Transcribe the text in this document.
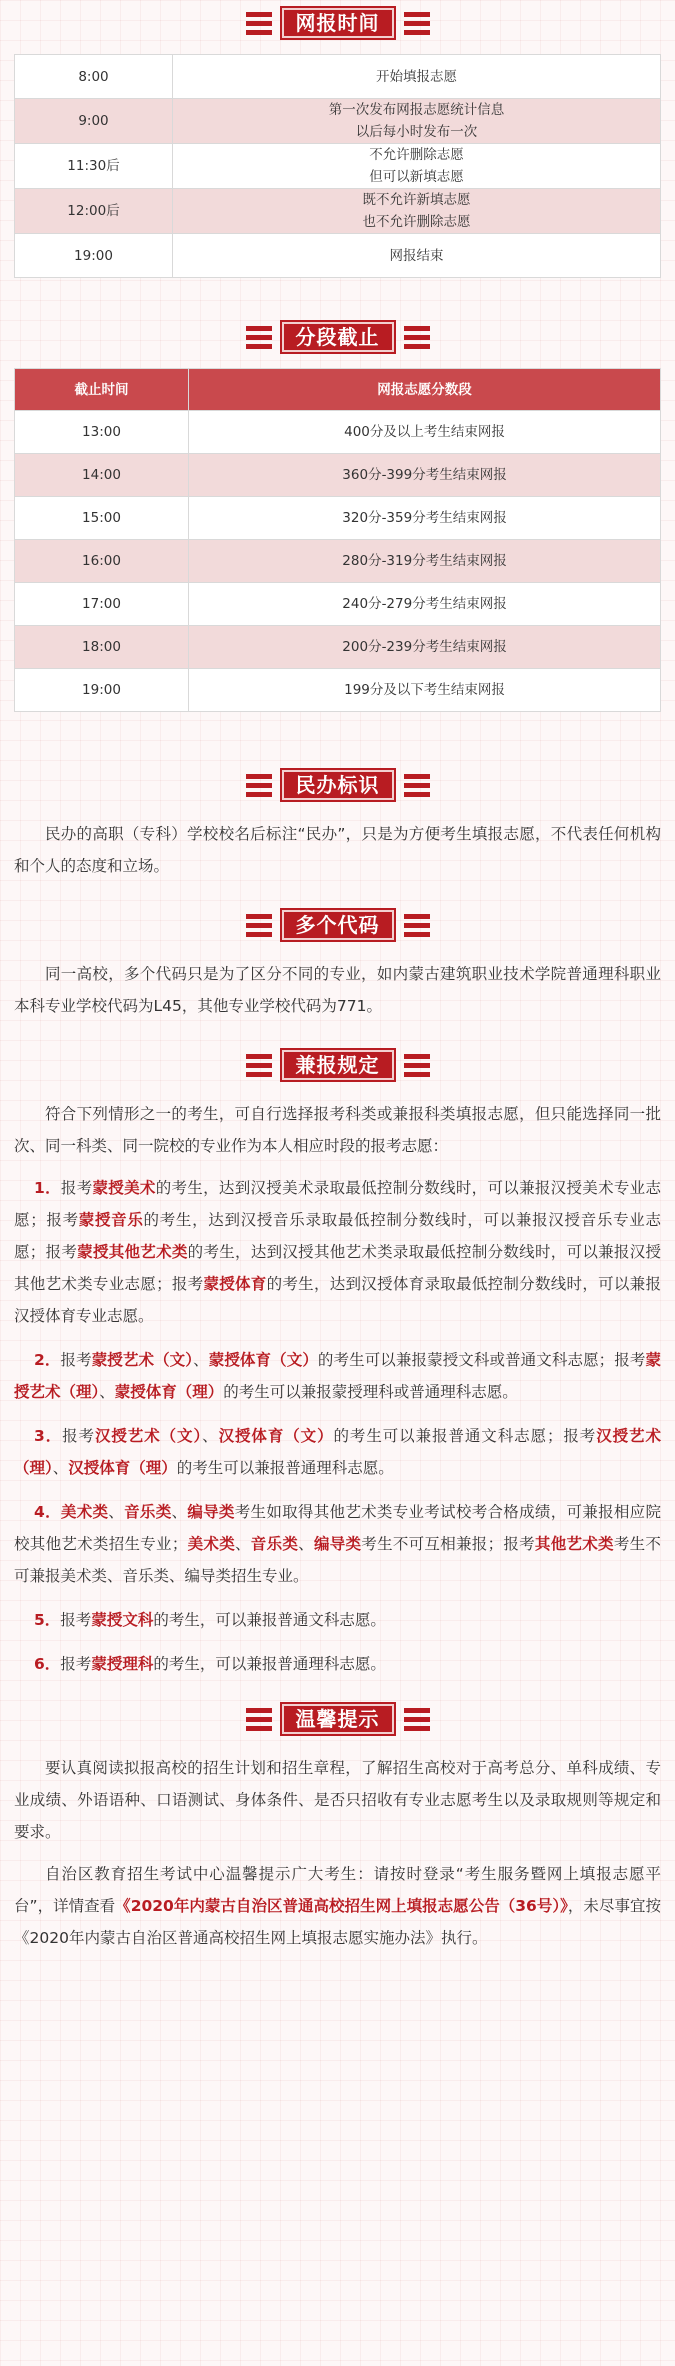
网报时间
8:00	开始填报志愿

9:00	第一次发布网报志愿统计信息
以后每小时发布一次

11:30后	不允许删除志愿
但可以新填志愿

12:00后	既不允许新填志愿
也不允许删除志愿

19:00	网报结束
分段截止
截止时间	网报志愿分数段
13:00	400分及以上考生结束网报
14:00	360分-399分考生结束网报
15:00	320分-359分考生结束网报
16:00	280分-319分考生结束网报
17:00	240分-279分考生结束网报
18:00	200分-239分考生结束网报
19:00	199分及以下考生结束网报
民办标识

民办的高职（专科）学校校名后标注“民办”，只是为方便考生填报志愿，不代表任何机构和个人的态度和立场。

多个代码

同一高校，多个代码只是为了区分不同的专业，如内蒙古建筑职业技术学院普通理科职业本科专业学校代码为L45，其他专业学校代码为771。

兼报规定

符合下列情形之一的考生，可自行选择报考科类或兼报科类填报志愿，但只能选择同一批次、同一科类、同一院校的专业作为本人相应时段的报考志愿：

1．报考蒙授美术的考生，达到汉授美术录取最低控制分数线时，可以兼报汉授美术专业志愿；报考蒙授音乐的考生，达到汉授音乐录取最低控制分数线时，可以兼报汉授音乐专业志愿；报考蒙授其他艺术类的考生，达到汉授其他艺术类录取最低控制分数线时，可以兼报汉授其他艺术类专业志愿；报考蒙授体育的考生，达到汉授体育录取最低控制分数线时，可以兼报汉授体育专业志愿。

2．报考蒙授艺术（文）、蒙授体育（文）的考生可以兼报蒙授文科或普通文科志愿；报考蒙授艺术（理）、蒙授体育（理）的考生可以兼报蒙授理科或普通理科志愿。

3．报考汉授艺术（文）、汉授体育（文）的考生可以兼报普通文科志愿；报考汉授艺术（理）、汉授体育（理）的考生可以兼报普通理科志愿。

4．美术类、音乐类、编导类考生如取得其他艺术类专业考试校考合格成绩，可兼报相应院校其他艺术类招生专业；美术类、音乐类、编导类考生不可互相兼报；报考其他艺术类考生不可兼报美术类、音乐类、编导类招生专业。

5．报考蒙授文科的考生，可以兼报普通文科志愿。

6．报考蒙授理科的考生，可以兼报普通理科志愿。

温馨提示

要认真阅读拟报高校的招生计划和招生章程，了解招生高校对于高考总分、单科成绩、专业成绩、外语语种、口语测试、身体条件、是否只招收有专业志愿考生以及录取规则等规定和要求。

自治区教育招生考试中心温馨提示广大考生：请按时登录“考生服务暨网上填报志愿平台”，详情查看《2020年内蒙古自治区普通高校招生网上填报志愿公告（36号）》，未尽事宜按《2020年内蒙古自治区普通高校招生网上填报志愿实施办法》执行。
